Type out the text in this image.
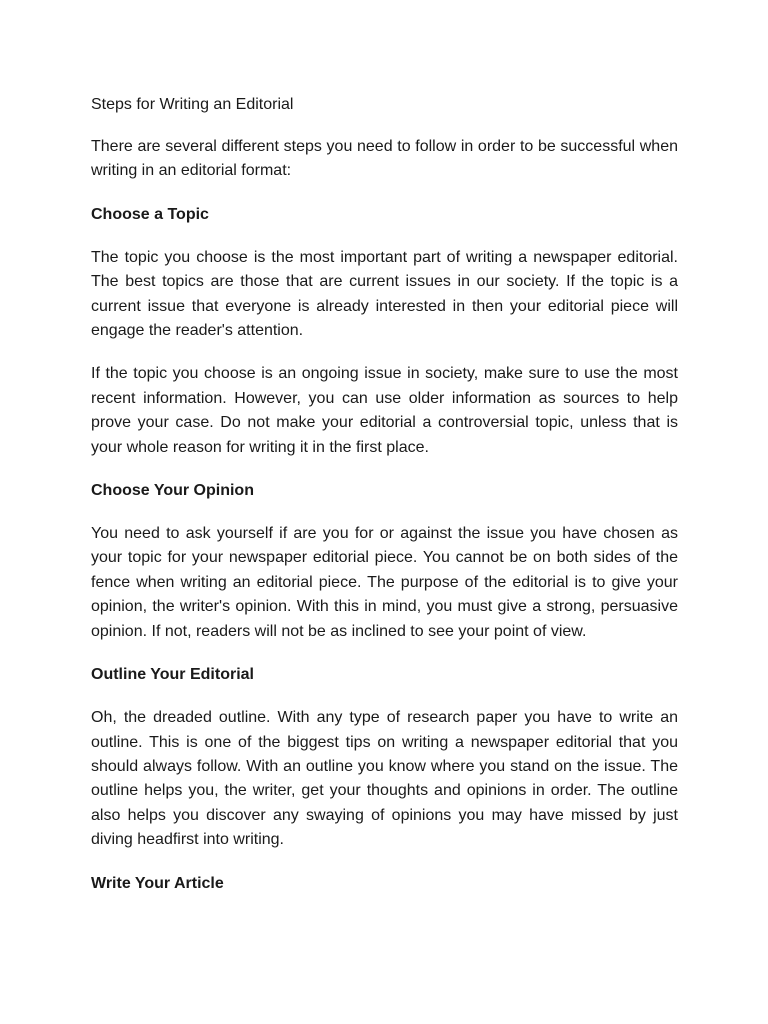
Steps for Writing an Editorial

There are several different steps you need to follow in order to be successful when writing in an editorial format:

Choose a Topic

The topic you choose is the most important part of writing a newspaper editorial. The best topics are those that are current issues in our society. If the topic is a current issue that everyone is already interested in then your editorial piece will engage the reader's attention.

If the topic you choose is an ongoing issue in society, make sure to use the most recent information. However, you can use older information as sources to help prove your case. Do not make your editorial a controversial topic, unless that is your whole reason for writing it in the first place.

Choose Your Opinion

You need to ask yourself if are you for or against the issue you have chosen as your topic for your newspaper editorial piece. You cannot be on both sides of the fence when writing an editorial piece. The purpose of the editorial is to give your opinion, the writer's opinion. With this in mind, you must give a strong, persuasive opinion. If not, readers will not be as inclined to see your point of view.

Outline Your Editorial

Oh, the dreaded outline. With any type of research paper you have to write an outline. This is one of the biggest tips on writing a newspaper editorial that you should always follow. With an outline you know where you stand on the issue. The outline helps you, the writer, get your thoughts and opinions in order. The outline also helps you discover any swaying of opinions you may have missed by just diving headfirst into writing.

Write Your Article
